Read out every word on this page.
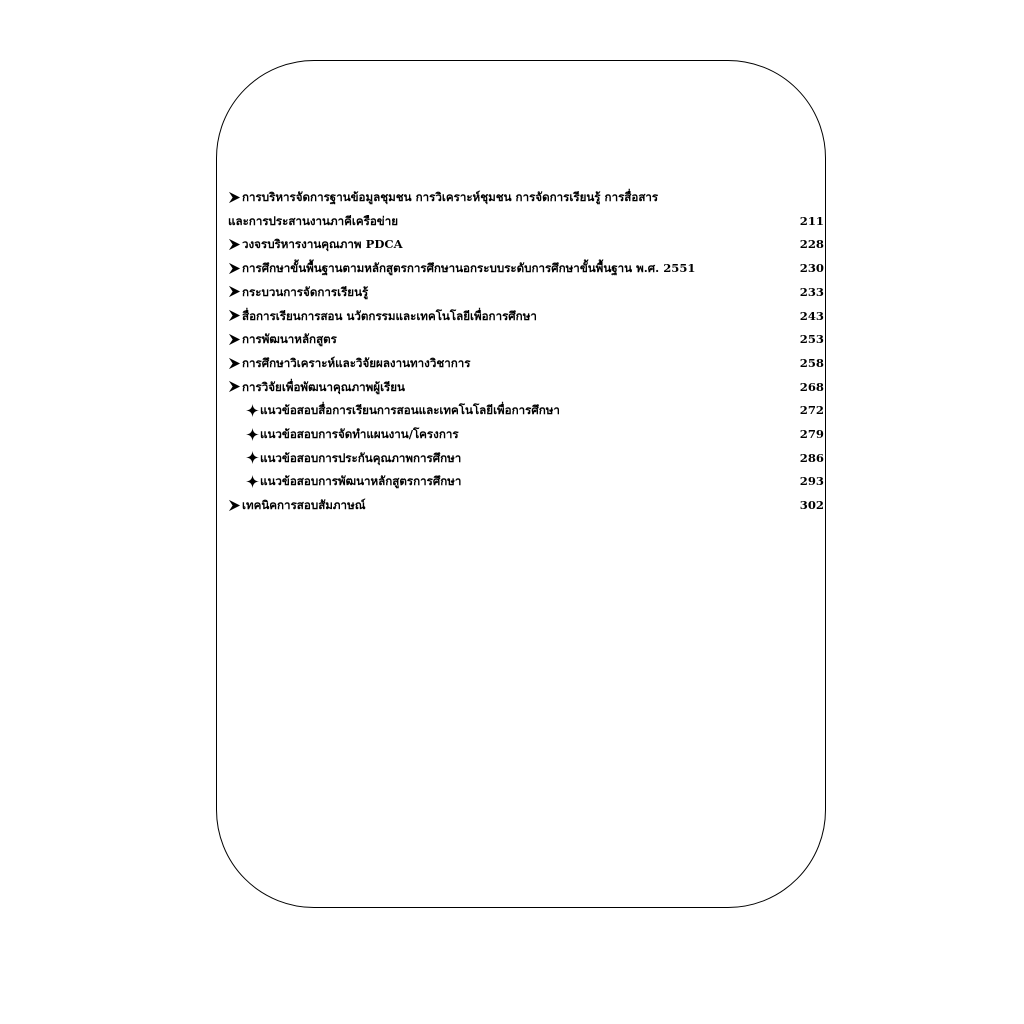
การบริหารจัดการฐานข้อมูลชุมชน การวิเคราะห์ชุมชน การจัดการเรียนรู้ การสื่อสาร
และการประสานงานภาคีเครือข่าย	211
วงจรบริหารงานคุณภาพ PDCA	228
การศึกษาขั้นพื้นฐานตามหลักสูตรการศึกษานอกระบบระดับการศึกษาขั้นพื้นฐาน พ.ศ. 2551	230
กระบวนการจัดการเรียนรู้	233
สื่อการเรียนการสอน นวัตกรรมและเทคโนโลยีเพื่อการศึกษา	243
การพัฒนาหลักสูตร	253
การศึกษาวิเคราะห์และวิจัยผลงานทางวิชาการ	258
การวิจัยเพื่อพัฒนาคุณภาพผู้เรียน	268
แนวข้อสอบสื่อการเรียนการสอนและเทคโนโลยีเพื่อการศึกษา	272
แนวข้อสอบการจัดทำแผนงาน/โครงการ	279
แนวข้อสอบการประกันคุณภาพการศึกษา	286
แนวข้อสอบการพัฒนาหลักสูตรการศึกษา	293
เทคนิคการสอบสัมภาษณ์	302
